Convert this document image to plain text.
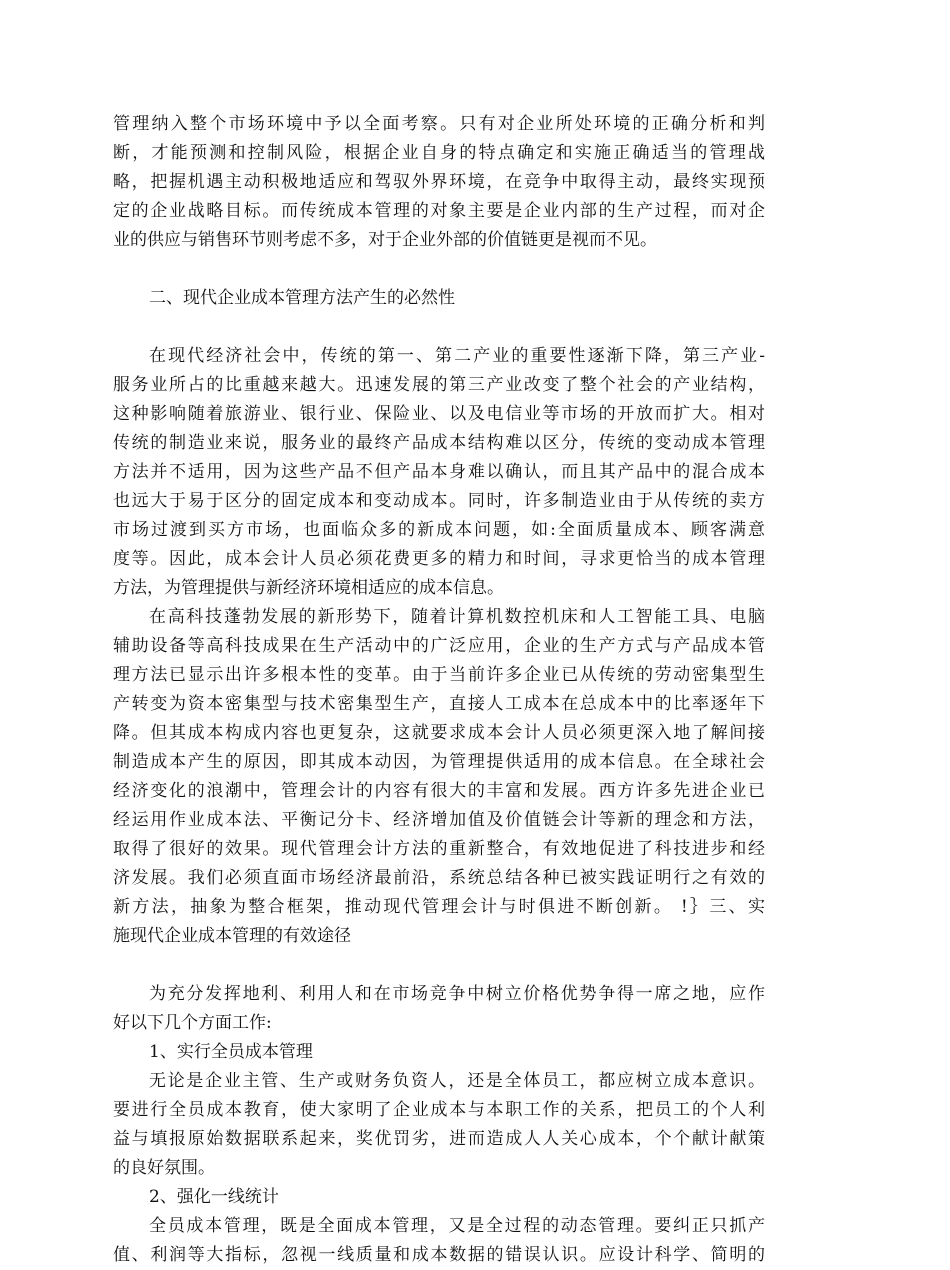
管理纳入整个市场环境中予以全面考察。只有对企业所处环境的正确分析和判
断，才能预测和控制风险，根据企业自身的特点确定和实施正确适当的管理战
略，把握机遇主动积极地适应和驾驭外界环境，在竞争中取得主动，最终实现预
定的企业战略目标。而传统成本管理的对象主要是企业内部的生产过程，而对企
业的供应与销售环节则考虑不多，对于企业外部的价值链更是视而不见。
二、现代企业成本管理方法产生的必然性
在现代经济社会中，传统的第一、第二产业的重要性逐渐下降，第三产业-
服务业所占的比重越来越大。迅速发展的第三产业改变了整个社会的产业结构，
这种影响随着旅游业、银行业、保险业、以及电信业等市场的开放而扩大。相对
传统的制造业来说，服务业的最终产品成本结构难以区分，传统的变动成本管理
方法并不适用，因为这些产品不但产品本身难以确认，而且其产品中的混合成本
也远大于易于区分的固定成本和变动成本。同时，许多制造业由于从传统的卖方
市场过渡到买方市场，也面临众多的新成本问题，如:全面质量成本、顾客满意
度等。因此，成本会计人员必须花费更多的精力和时间，寻求更恰当的成本管理
方法，为管理提供与新经济环境相适应的成本信息。
在高科技蓬勃发展的新形势下，随着计算机数控机床和人工智能工具、电脑
辅助设备等高科技成果在生产活动中的广泛应用，企业的生产方式与产品成本管
理方法已显示出许多根本性的变革。由于当前许多企业已从传统的劳动密集型生
产转变为资本密集型与技术密集型生产，直接人工成本在总成本中的比率逐年下
降。但其成本构成内容也更复杂，这就要求成本会计人员必须更深入地了解间接
制造成本产生的原因，即其成本动因，为管理提供适用的成本信息。在全球社会
经济变化的浪潮中，管理会计的内容有很大的丰富和发展。西方许多先进企业已
经运用作业成本法、平衡记分卡、经济增加值及价值链会计等新的理念和方法，
取得了很好的效果。现代管理会计方法的重新整合，有效地促进了科技进步和经
济发展。我们必须直面市场经济最前沿，系统总结各种已被实践证明行之有效的
新方法，抽象为整合框架，推动现代管理会计与时俱进不断创新。 !｝三、实
施现代企业成本管理的有效途径
为充分发挥地利、利用人和在市场竞争中树立价格优势争得一席之地，应作
好以下几个方面工作:
1、实行全员成本管理
无论是企业主管、生产或财务负资人，还是全体员工，都应树立成本意识。
要进行全员成本教育，使大家明了企业成本与本职工作的关系，把员工的个人利
益与填报原始数据联系起来，奖优罚劣，进而造成人人关心成本，个个献计献策
的良好氛围。
2、强化一线统计
全员成本管理，既是全面成本管理，又是全过程的动态管理。要纠正只抓产
值、利润等大指标，忽视一线质量和成本数据的错误认识。应设计科学、简明的
